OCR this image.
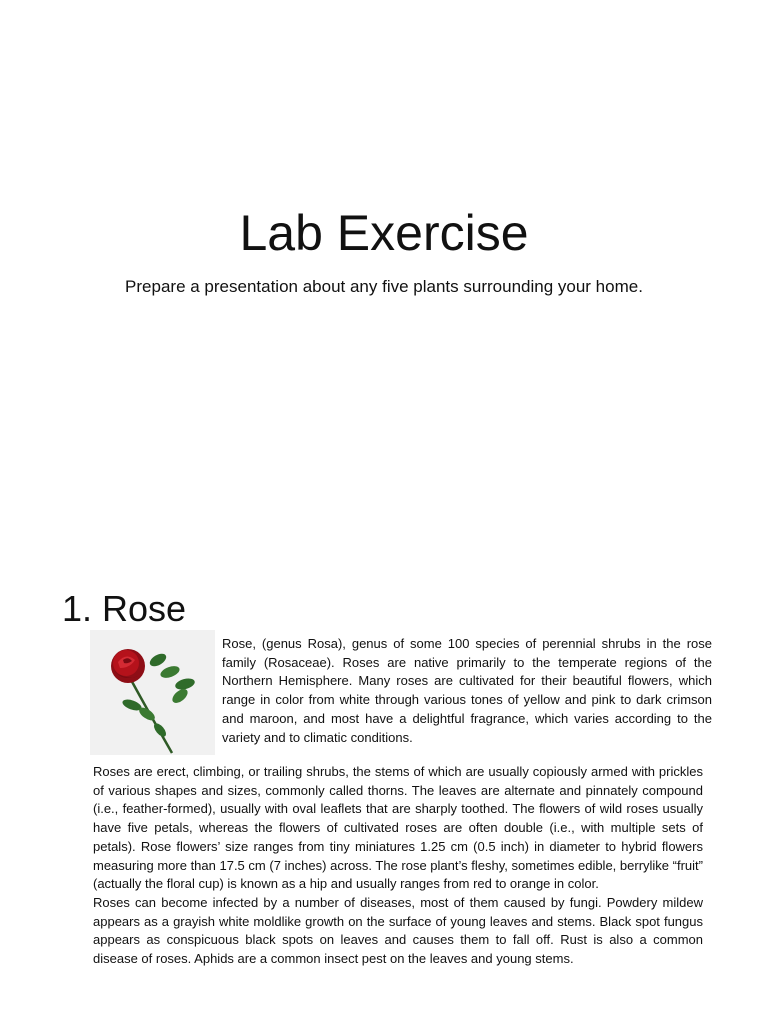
Lab Exercise
Prepare a presentation about any five plants surrounding your home.
1. Rose

Rose, (genus Rosa), genus of some 100 species of perennial shrubs in the rose family (Rosaceae). Roses are native primarily to the temperate regions of the Northern Hemisphere. Many roses are cultivated for their beautiful flowers, which range in color from white through various tones of yellow and pink to dark crimson and maroon, and most have a delightful fragrance, which varies according to the variety and to climatic conditions.

Roses are erect, climbing, or trailing shrubs, the stems of which are usually copiously armed with prickles of various shapes and sizes, commonly called thorns. The leaves are alternate and pinnately compound (i.e., feather-formed), usually with oval leaflets that are sharply toothed. The flowers of wild roses usually have five petals, whereas the flowers of cultivated roses are often double (i.e., with multiple sets of petals). Rose flowers’ size ranges from tiny miniatures 1.25 cm (0.5 inch) in diameter to hybrid flowers measuring more than 17.5 cm (7 inches) across. The rose plant’s fleshy, sometimes edible, berrylike “fruit” (actually the floral cup) is known as a hip and usually ranges from red to orange in color.

Roses can become infected by a number of diseases, most of them caused by fungi. Powdery mildew appears as a grayish white moldlike growth on the surface of young leaves and stems. Black spot fungus appears as conspicuous black spots on leaves and causes them to fall off. Rust is also a common disease of roses. Aphids are a common insect pest on the leaves and young stems.
